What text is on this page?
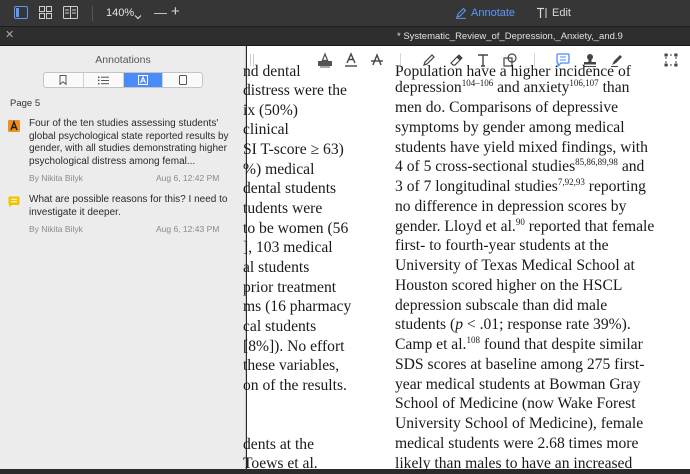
140% — +	Annotate	Edit
✕	* Systematic_Review_of_Depression,_Anxiety,_and.9
Annotations
Page 5
Four of the ten studies assessing students' global psychological state reported results by gender, with all studies demonstrating higher psychological distress among femal...
By Nikita Bilyk	Aug 6, 12:42 PM
What are possible reasons for this? I need to investigate it deeper.
By Nikita Bilyk	Aug 6, 12:43 PM
nd dental
distress were the
ix (50%)
clinical
SI T-score ≥ 63)
%) medical
dental students
tudents were
to be women (56
], 103 medical
al students
prior treatment
ms (16 pharmacy
cal students
[8%]). No effort
these variables,
on of the results.
dents at the
Toews et al.
Population have a higher incidence of
depression$^{104-106}$ and anxiety$^{106,107}$ than
men do. Comparisons of depressive
symptoms by gender among medical
students have yield mixed findings, with
4 of 5 cross-sectional studies$^{85,86,89,98}$ and
3 of 7 longitudinal studies$^{7,92,93}$ reporting
no difference in depression scores by
gender. Lloyd et al.$^{90}$ reported that female
first- to fourth-year students at the
University of Texas Medical School at
Houston scored higher on the HSCL
depression subscale than did male
students (p < .01; response rate 39%).
Camp et al.$^{108}$ found that despite similar
SDS scores at baseline among 275 first-
year medical students at Bowman Gray
School of Medicine (now Wake Forest
University School of Medicine), female
medical students were 2.68 times more
likely than males to have an increased
